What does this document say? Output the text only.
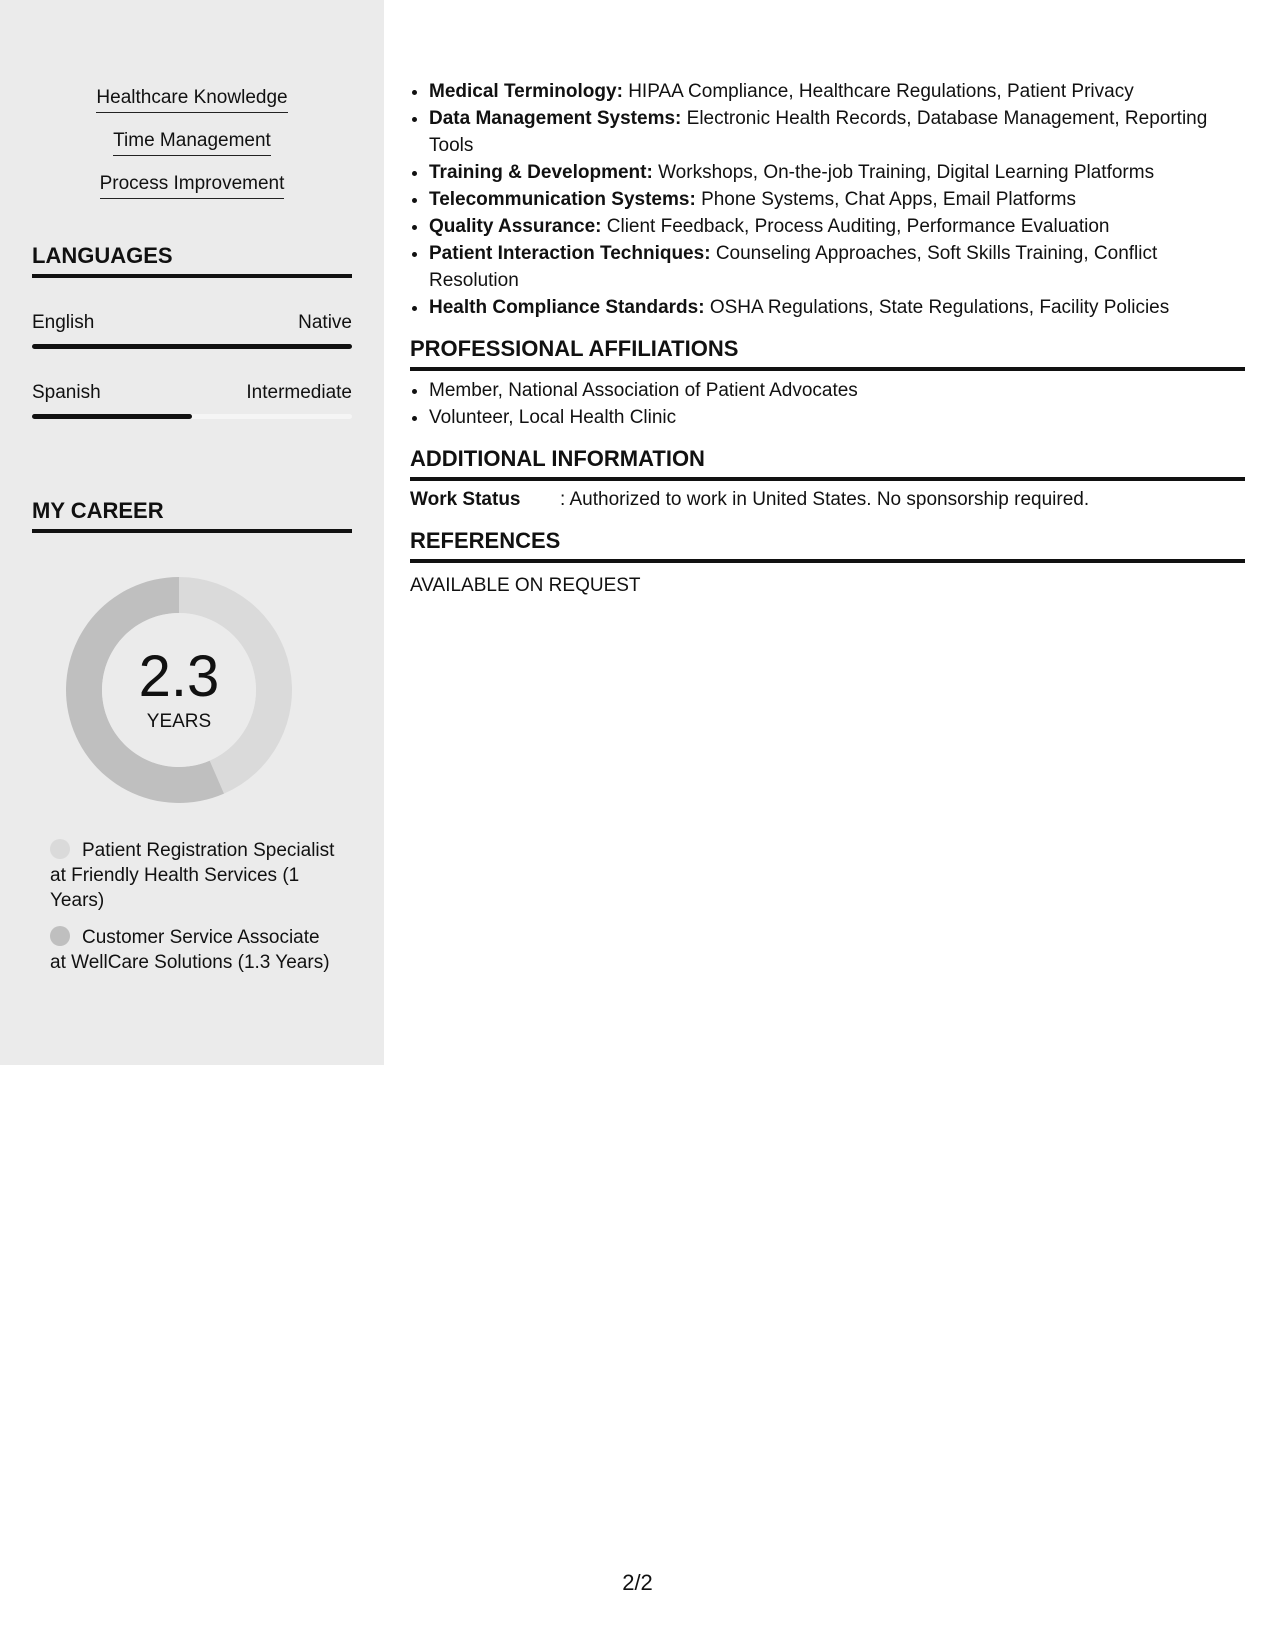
Healthcare Knowledge
Time Management
Process Improvement
LANGUAGES
English	Native
Spanish	Intermediate
MY CAREER
2.3
YEARS
Patient Registration Specialist at Friendly Health Services (1 Years)
Customer Service Associate at WellCare Solutions (1.3 Years)
• Medical Terminology: HIPAA Compliance, Healthcare Regulations, Patient Privacy
• Data Management Systems: Electronic Health Records, Database Management, Reporting Tools
• Training & Development: Workshops, On-the-job Training, Digital Learning Platforms
• Telecommunication Systems: Phone Systems, Chat Apps, Email Platforms
• Quality Assurance: Client Feedback, Process Auditing, Performance Evaluation
• Patient Interaction Techniques: Counseling Approaches, Soft Skills Training, Conflict Resolution
• Health Compliance Standards: OSHA Regulations, State Regulations, Facility Policies
PROFESSIONAL AFFILIATIONS
• Member, National Association of Patient Advocates
• Volunteer, Local Health Clinic
ADDITIONAL INFORMATION
Work Status	: Authorized to work in United States. No sponsorship required.
REFERENCES
AVAILABLE ON REQUEST
2/2
